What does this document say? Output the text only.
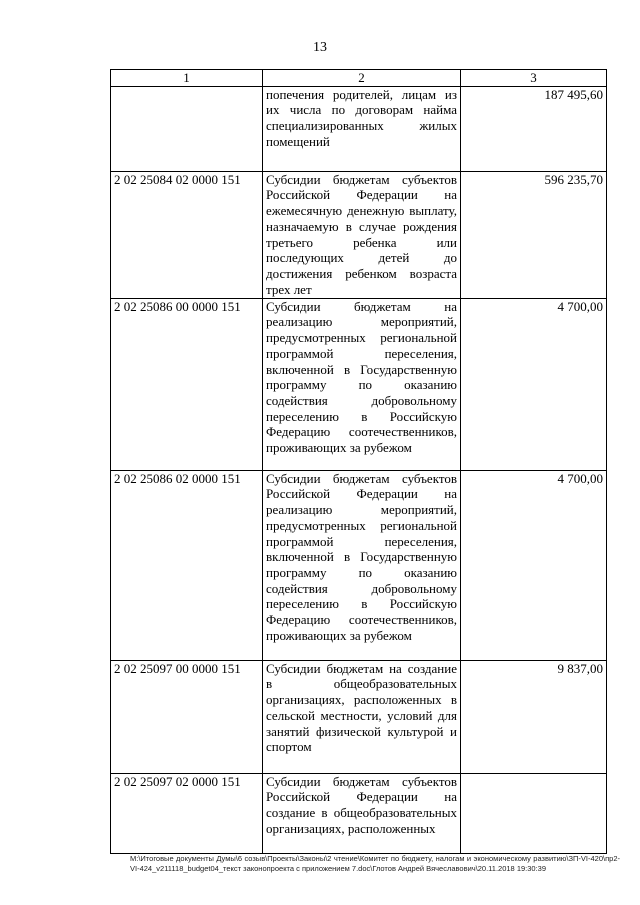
13
1	2	3
	попечения родителей, лицам из их числа по договорам найма специализированных жилых помещений	187 495,60
2 02 25084 02 0000 151	Субсидии бюджетам субъектов Российской Федерации на ежемесячную денежную выплату, назначаемую в случае рождения третьего ребенка или последующих детей до достижения ребенком возраста трех лет	596 235,70
2 02 25086 00 0000 151	Субсидии бюджетам на реализацию мероприятий, предусмотренных региональной программой переселения, включенной в Государственную программу по оказанию содействия добровольному переселению в Российскую Федерацию соотечественников, проживающих за рубежом	4 700,00
2 02 25086 02 0000 151	Субсидии бюджетам субъектов Российской Федерации на реализацию мероприятий, предусмотренных региональной программой переселения, включенной в Государственную программу по оказанию содействия добровольному переселению в Российскую Федерацию соотечественников, проживающих за рубежом	4 700,00
2 02 25097 00 0000 151	Субсидии бюджетам на создание в общеобразовательных организациях, расположенных в сельской местности, условий для занятий физической культурой и спортом	9 837,00
2 02 25097 02 0000 151	Субсидии бюджетам субъектов Российской Федерации на создание в общеобразовательных организациях, расположенных	
M:\Итоговые документы Думы\6 созыв\Проекты\Законы\2 чтение\Комитет по бюджету, налогам и экономическому развитию\ЗП-VI-420\пр2-VI-424_v211118_budget04_текст законопроекта с приложением 7.doc\Глотов Андрей Вячеславович\20.11.2018 19:30:39
